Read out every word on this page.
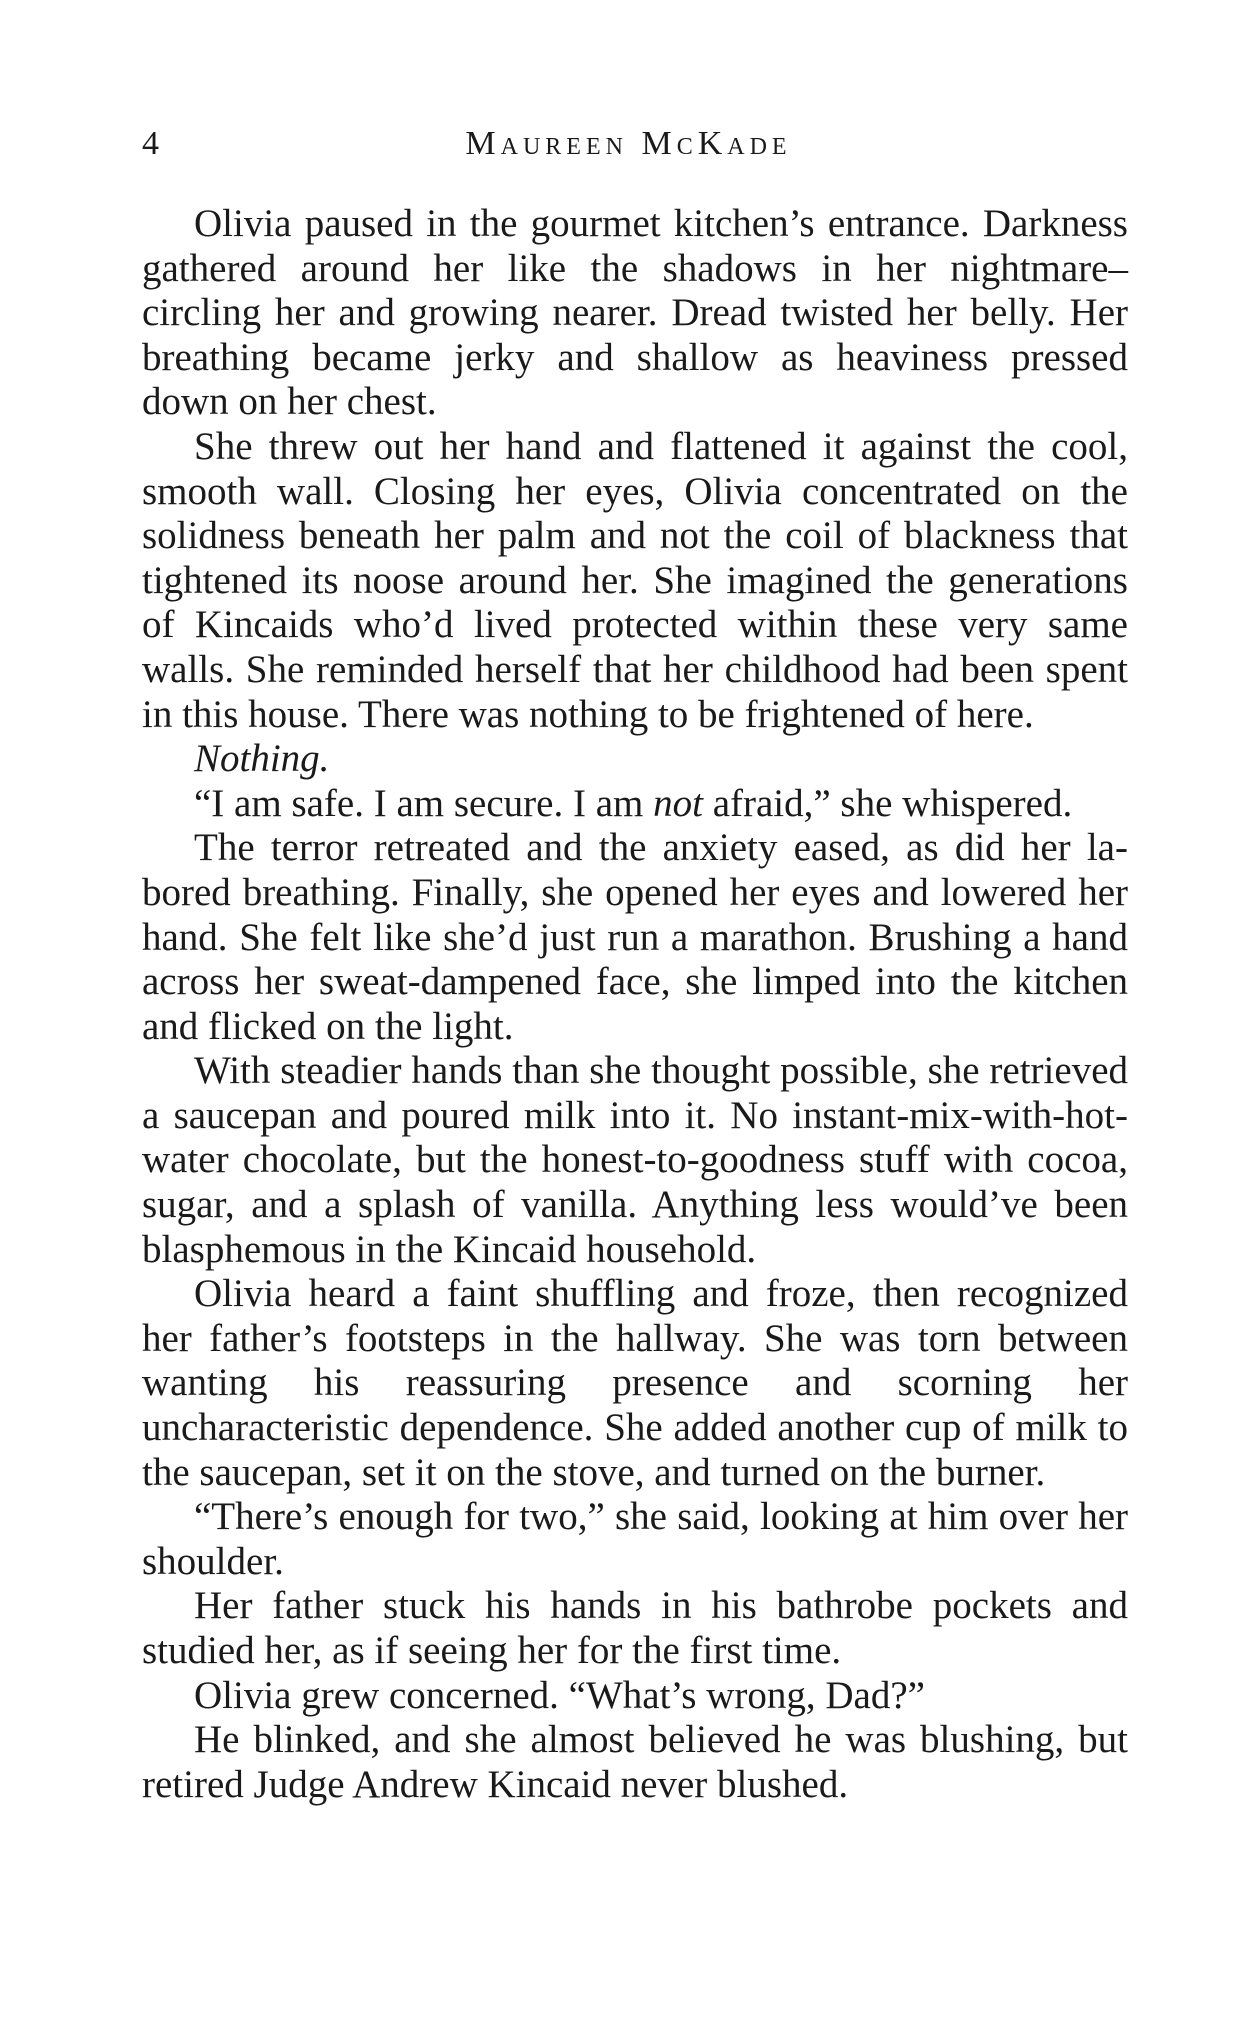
4	Maureen McKade

Olivia paused in the gourmet kitchen’s entrance. Darkness gathered around her like the shadows in her nightmare–circling her and growing nearer. Dread twisted her belly. Her breathing became jerky and shallow as heaviness pressed down on her chest.

She threw out her hand and flattened it against the cool, smooth wall. Closing her eyes, Olivia concentrated on the solidness beneath her palm and not the coil of blackness that tightened its noose around her. She imagined the generations of Kincaids who’d lived protected within these very same walls. She reminded herself that her childhood had been spent in this house. There was nothing to be frightened of here.

Nothing.

“I am safe. I am secure. I am not afraid,” she whispered.

The terror retreated and the anxiety eased, as did her labored breathing. Finally, she opened her eyes and lowered her hand. She felt like she’d just run a marathon. Brushing a hand across her sweat-dampened face, she limped into the kitchen and flicked on the light.

With steadier hands than she thought possible, she retrieved a saucepan and poured milk into it. No instant-mix-with-hot-water chocolate, but the honest-to-goodness stuff with cocoa, sugar, and a splash of vanilla. Anything less would’ve been blasphemous in the Kincaid household.

Olivia heard a faint shuffling and froze, then recognized her father’s footsteps in the hallway. She was torn between wanting his reassuring presence and scorning her uncharacteristic dependence. She added another cup of milk to the saucepan, set it on the stove, and turned on the burner.

“There’s enough for two,” she said, looking at him over her shoulder.

Her father stuck his hands in his bathrobe pockets and studied her, as if seeing her for the first time.

Olivia grew concerned. “What’s wrong, Dad?”

He blinked, and she almost believed he was blushing, but retired Judge Andrew Kincaid never blushed.
